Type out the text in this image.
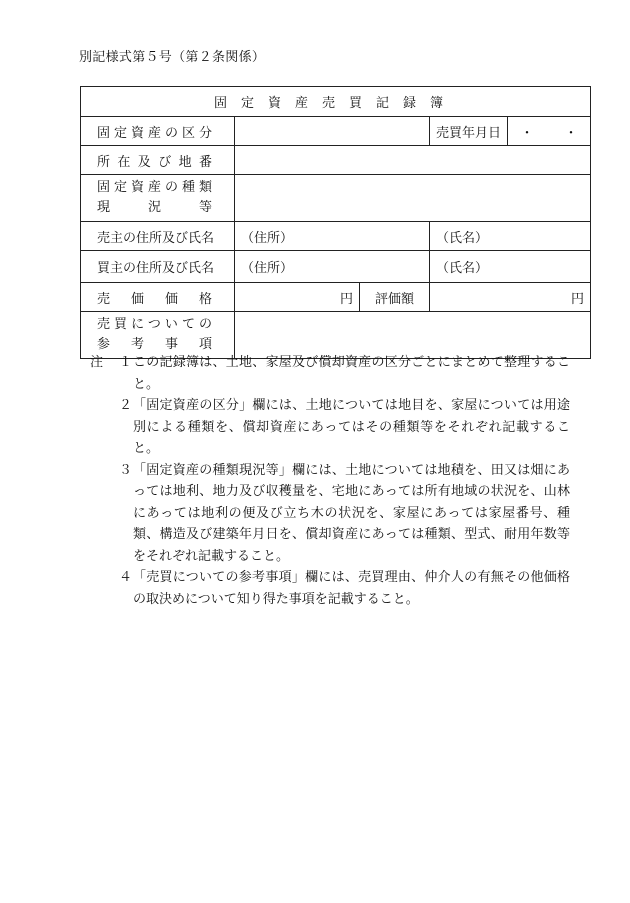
別記様式第５号（第２条関係）
固定資産売買記録簿				
固定資産の区分			売買年月日	・ ・
所在及び地番				

固定資産の種類
現況等				

売主の住所及び氏名	（住所）		（氏名）	
買主の住所及び氏名	（住所）		（氏名）	
売価価格	円	評価額	円	

売買についての
参考事項				

注 １ この記録簿は、土地、家屋及び償却資産の区分ごとにまとめて整理すること。
２ 「固定資産の区分」欄には、土地については地目を、家屋については用途別による種類を、償却資産にあってはその種類等をそれぞれ記載すること。
３ 「固定資産の種類現況等」欄には、土地については地積を、田又は畑にあっては地利、地力及び収穫量を、宅地にあっては所有地域の状況を、山林にあっては地利の便及び立ち木の状況を、家屋にあっては家屋番号、種類、構造及び建築年月日を、償却資産にあっては種類、型式、耐用年数等をそれぞれ記載すること。
４ 「売買についての参考事項」欄には、売買理由、仲介人の有無その他価格の取決めについて知り得た事項を記載すること。
